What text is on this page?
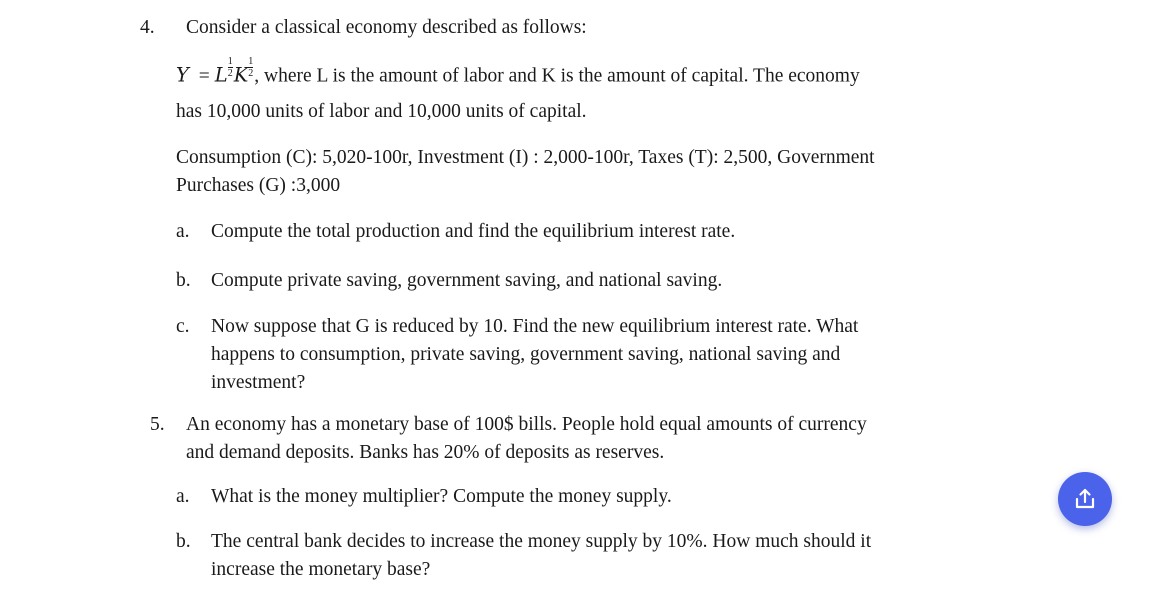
4. Consider a classical economy described as follows:
Y = L $\frac{1}{2}$ K $\frac{1}{2}$ , where L is the amount of labor and K is the amount of capital. The economy
has 10,000 units of labor and 10,000 units of capital.
Consumption (C): 5,020-100r, Investment (I) : 2,000-100r, Taxes (T): 2,500, Government
Purchases (G) :3,000
a. Compute the total production and find the equilibrium interest rate.
b. Compute private saving, government saving, and national saving.
c. Now suppose that G is reduced by 10. Find the new equilibrium interest rate. What
happens to consumption, private saving, government saving, national saving and
investment?
5. An economy has a monetary base of 100$ bills. People hold equal amounts of currency
and demand deposits. Banks has 20% of deposits as reserves.
a. What is the money multiplier? Compute the money supply.
b. The central bank decides to increase the money supply by 10%. How much should it
increase the monetary base?
